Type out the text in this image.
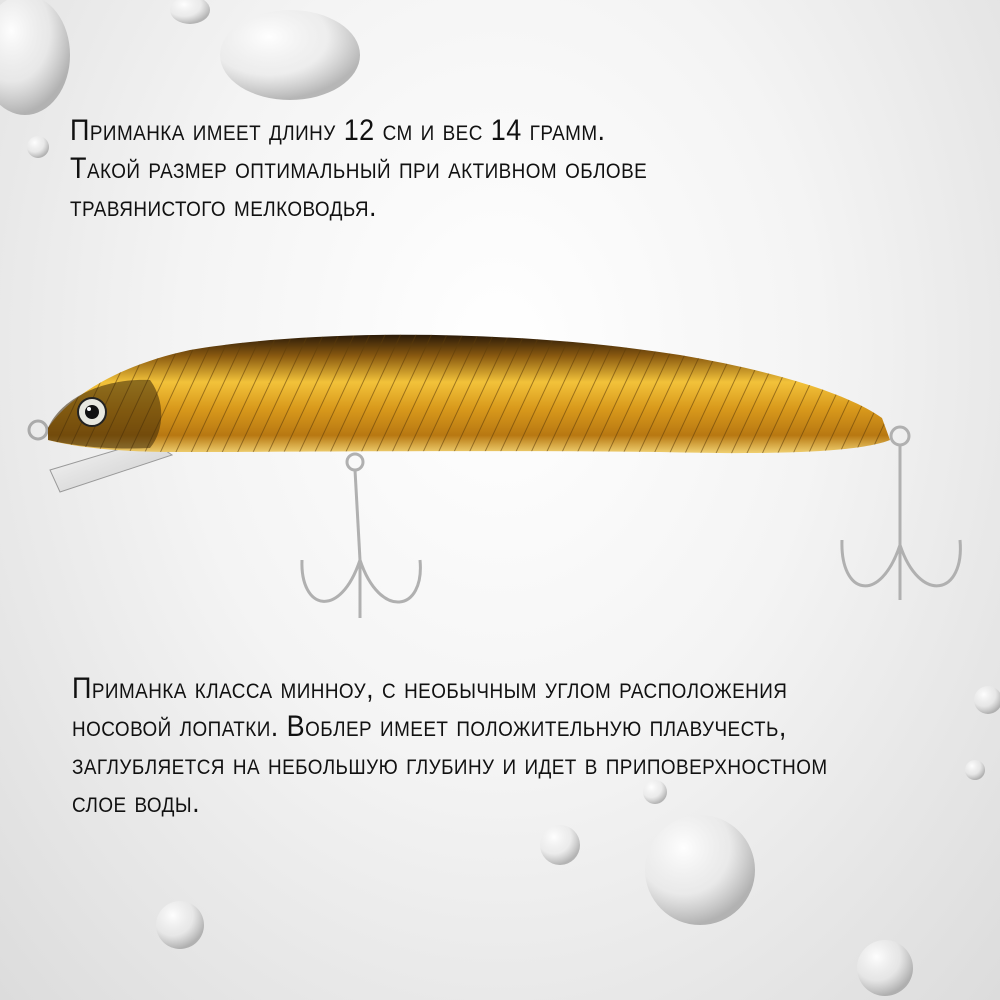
Приманка имеет длину 12 см и вес 14 грамм.
Такой размер оптимальный при активном облове
травянистого мелководья.
Приманка класса минноу, с необычным углом расположения
носовой лопатки. Воблер имеет положительную плавучесть,
заглубляется на небольшую глубину и идет в приповерхностном
слое воды.
